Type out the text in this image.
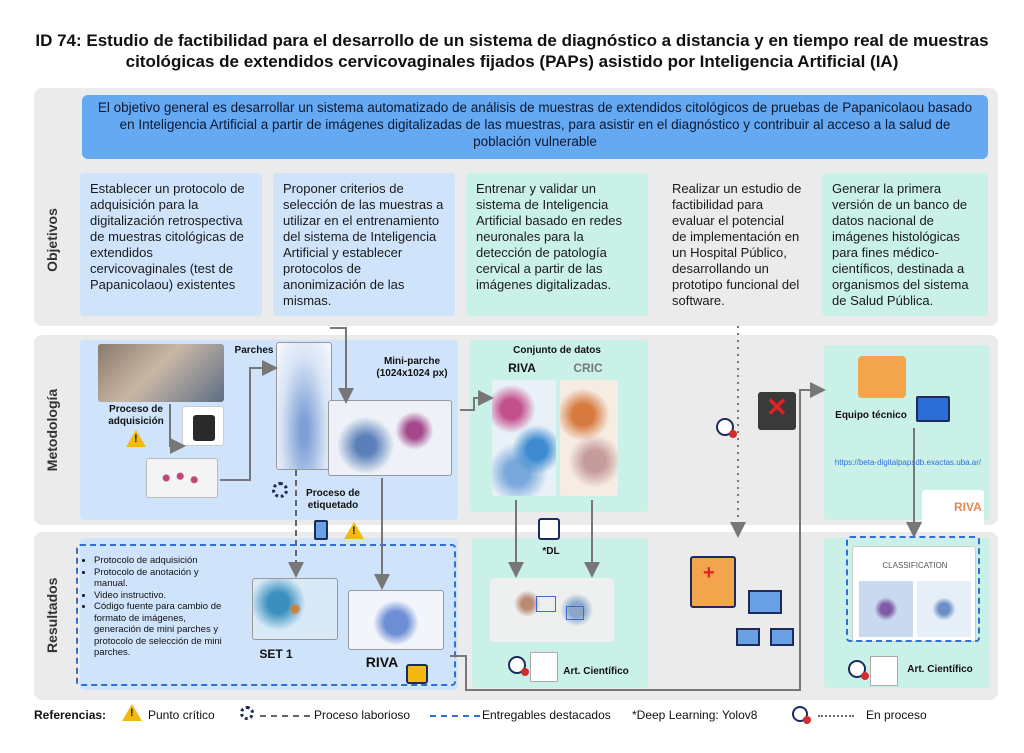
ID 74: Estudio de factibilidad para el desarrollo de un sistema de diagnóstico a distancia y en tiempo real de muestras
citológicas de extendidos cervicovaginales fijados (PAPs) asistido por Inteligencia Artificial (IA)
Objetivos
Metodología
Resultados
El objetivo general es desarrollar un sistema automatizado de análisis de muestras de extendidos citológicos de pruebas de Papanicolaou basado en Inteligencia Artificial a partir de imágenes digitalizadas de las muestras, para asistir en el diagnóstico y contribuir al acceso a la salud de población vulnerable
Establecer un protocolo de adquisición para la digitalización retrospectiva de muestras citológicas de extendidos cervicovaginales (test de Papanicolaou) existentes
Proponer criterios de selección de las muestras a utilizar en el entrenamiento del sistema de Inteligencia Artificial y establecer protocolos de anonimización de las mismas.
Entrenar y validar un sistema de Inteligencia Artificial basado en redes neuronales para la detección de patología cervical a partir de las imágenes digitalizadas.
Realizar un estudio de factibilidad para evaluar el potencial de implementación en un Hospital Público, desarrollando un prototipo funcional del software.
Generar la primera versión de un banco de datos nacional de imágenes histológicas para fines médico-científicos, destinada a organismos del sistema de Salud Pública.
Proceso de adquisición
!
Parches
Mini-parche (1024x1024 px)
Proceso de etiquetado
!
Conjunto de datos
RIVA	CRIC
Equipo técnico
https://beta-digitalpapsdb.exactas.uba.ar/
RIVA
✕
• Protocolo de adquisición
• Protocolo de anotación y manual.
• Video instructivo.
• Código fuente para cambio de formato de imágenes, generación de mini parches y protocolo de selección de mini parches.	SET 1	RIVA
*DL
Art. Científico
+	CLASSIFICATION
Art. Científico
Referencias:
!	Punto crítico	Proceso laborioso	Entregables destacados *Deep Learning: Yolov8	En proceso
